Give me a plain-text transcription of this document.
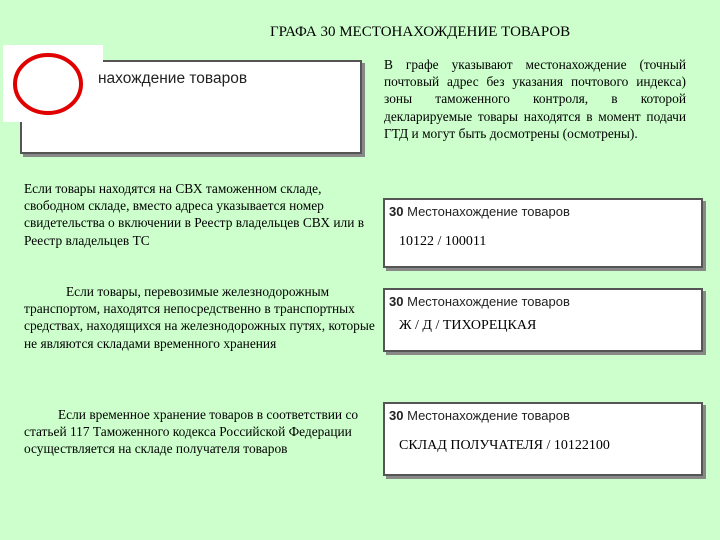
ГРАФА 30 МЕСТОНАХОЖДЕНИЕ ТОВАРОВ
нахождение товаров
В графе указывают местонахождение (точный почтовый адрес без указания почтового индекса) зоны таможенного контроля, в которой декларируемые товары находятся в момент подачи ГТД и могут быть досмотрены (осмотрены).
Если товары находятся на СВХ таможенном складе, свободном складе, вместо адреса указывается номер свидетельства о включении в Реестр владельцев СВХ или в Реестр владельцев ТС
Если товары, перевозимые железнодорожным транспортом, находятся непосредственно в транспортных средствах, находящихся на железнодорожных путях, которые не являются складами временного хранения
Если временное хранение товаров в соответствии со статьей 117 Таможенного кодекса Российской Федерации осуществляется на складе получателя товаров
30 Местонахождение товаров
10122 / 100011
30 Местонахождение товаров
Ж / Д / ТИХОРЕЦКАЯ
30 Местонахождение товаров
СКЛАД ПОЛУЧАТЕЛЯ / 10122100
